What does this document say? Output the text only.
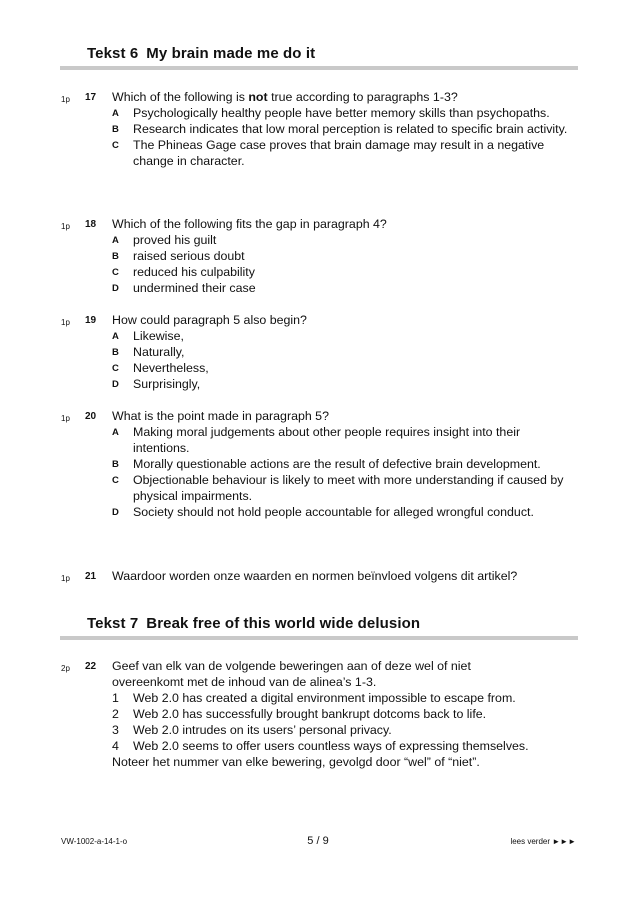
Tekst 6 My brain made me do it
1p 17 Which of the following is not true according to paragraphs 1-3?
A Psychologically healthy people have better memory skills than psychopaths.
B Research indicates that low moral perception is related to specific brain activity.
C The Phineas Gage case proves that brain damage may result in a negative change in character.
1p 18 Which of the following fits the gap in paragraph 4?
A proved his guilt
B raised serious doubt
C reduced his culpability
D undermined their case
1p 19 How could paragraph 5 also begin?
A Likewise,
B Naturally,
C Nevertheless,
D Surprisingly,
1p 20 What is the point made in paragraph 5?
A Making moral judgements about other people requires insight into their intentions.
B Morally questionable actions are the result of defective brain development.
C Objectionable behaviour is likely to meet with more understanding if caused by physical impairments.
D Society should not hold people accountable for alleged wrongful conduct.
1p 21 Waardoor worden onze waarden en normen beïnvloed volgens dit artikel?
Tekst 7 Break free of this world wide delusion
2p 22 Geef van elk van de volgende beweringen aan of deze wel of niet overeenkomt met de inhoud van de alinea’s 1-3.
1 Web 2.0 has created a digital environment impossible to escape from.
2 Web 2.0 has successfully brought bankrupt dotcoms back to life.
3 Web 2.0 intrudes on its users’ personal privacy.
4 Web 2.0 seems to offer users countless ways of expressing themselves.
Noteer het nummer van elke bewering, gevolgd door “wel” of “niet”.
VW-1002-a-14-1-o	5 / 9	lees verder ►►►
